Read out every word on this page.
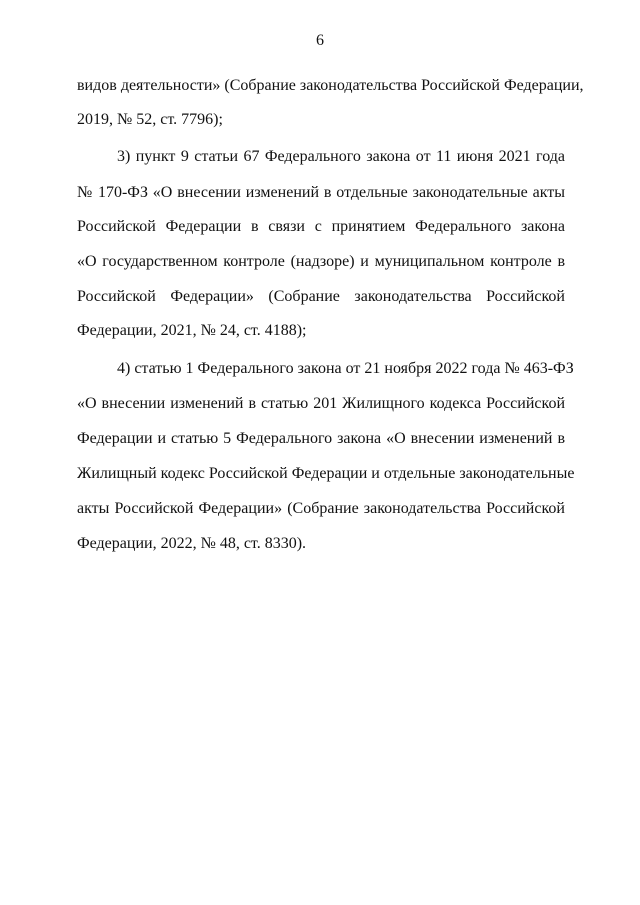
6
видов деятельности» (Собрание законодательства Российской Федерации,
2019, № 52, ст. 7796);
3) пункт 9 статьи 67 Федерального закона от 11 июня 2021 года
№ 170-ФЗ «О внесении изменений в отдельные законодательные акты
Российской Федерации в связи с принятием Федерального закона
«О государственном контроле (надзоре) и муниципальном контроле в
Российской Федерации» (Собрание законодательства Российской
Федерации, 2021, № 24, ст. 4188);
4) статью 1 Федерального закона от 21 ноября 2022 года № 463-ФЗ
«О внесении изменений в статью 201 Жилищного кодекса Российской
Федерации и статью 5 Федерального закона «О внесении изменений в
Жилищный кодекс Российской Федерации и отдельные законодательные
акты Российской Федерации» (Собрание законодательства Российской
Федерации, 2022, № 48, ст. 8330).
